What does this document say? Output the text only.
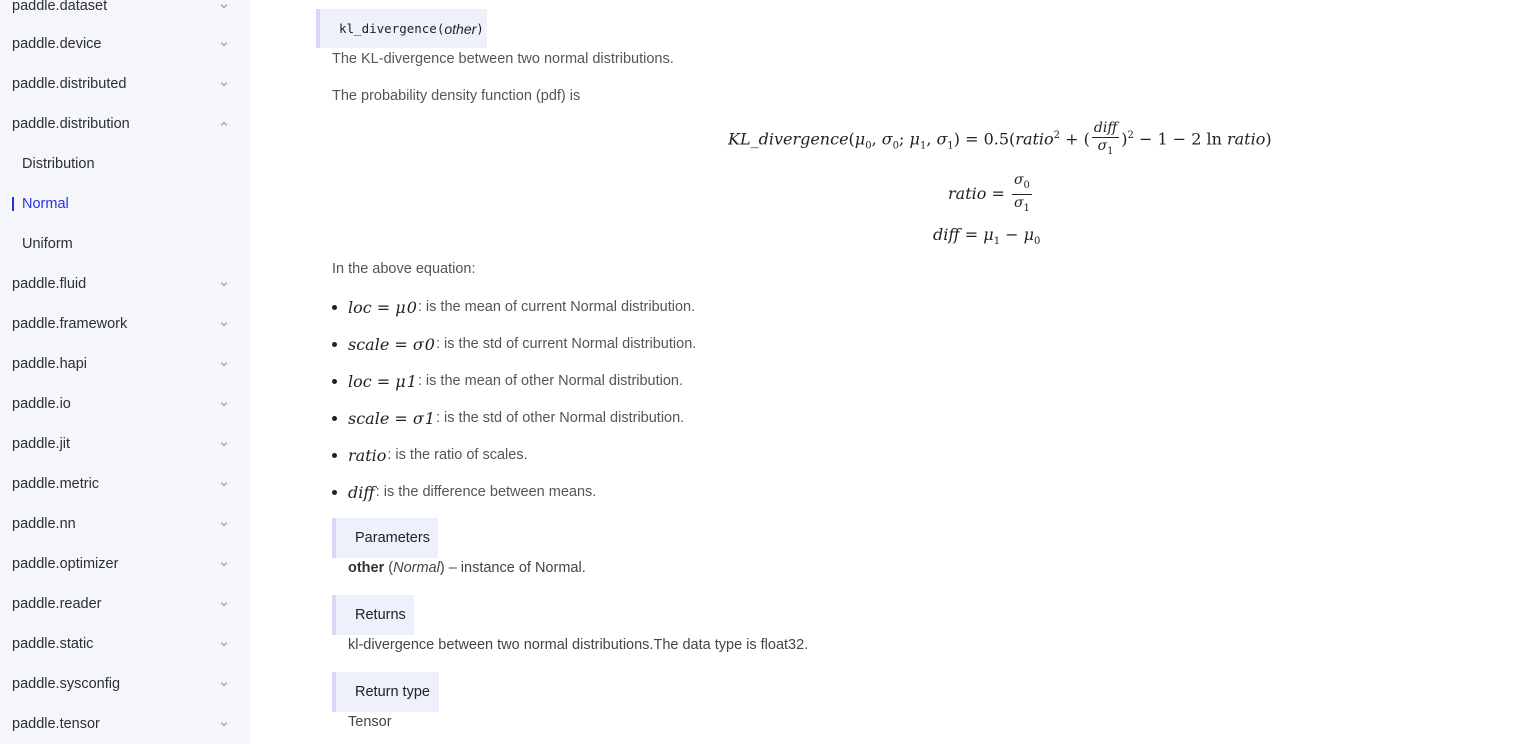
paddle.dataset
paddle.device
paddle.distributed
paddle.distribution
Distribution
Normal
Uniform
paddle.fluid
paddle.framework
paddle.hapi
paddle.io
paddle.jit
paddle.metric
paddle.nn
paddle.optimizer
paddle.reader
paddle.static
paddle.sysconfig
paddle.tensor
kl_divergence ( other )
The KL-divergence between two normal distributions.
The probability density function (pdf) is
$KL\_divergence(\mu_0$, $\sigma_0$; $\mu_1$, $\sigma_1$) = 0.5(ratio$^2$ + ( $\frac{\text{diff}}{\sigma_1} )^2 - 1 - 2$ ln ratio)
ratio = $\frac{\sigma_0}{\sigma_1}$
diff = $\mu_1 - \mu_0$
In the above equation:
loc = μ 0 : is the mean of current Normal distribution.
scale = σ 0 : is the std of current Normal distribution.
loc = μ 1 : is the mean of other Normal distribution.
scale = σ 1 : is the std of other Normal distribution.
ratio : is the ratio of scales.
diff : is the difference between means.
Parameters
other (Normal) – instance of Normal.
Returns
kl-divergence between two normal distributions.The data type is float32.
Return type
Tensor
